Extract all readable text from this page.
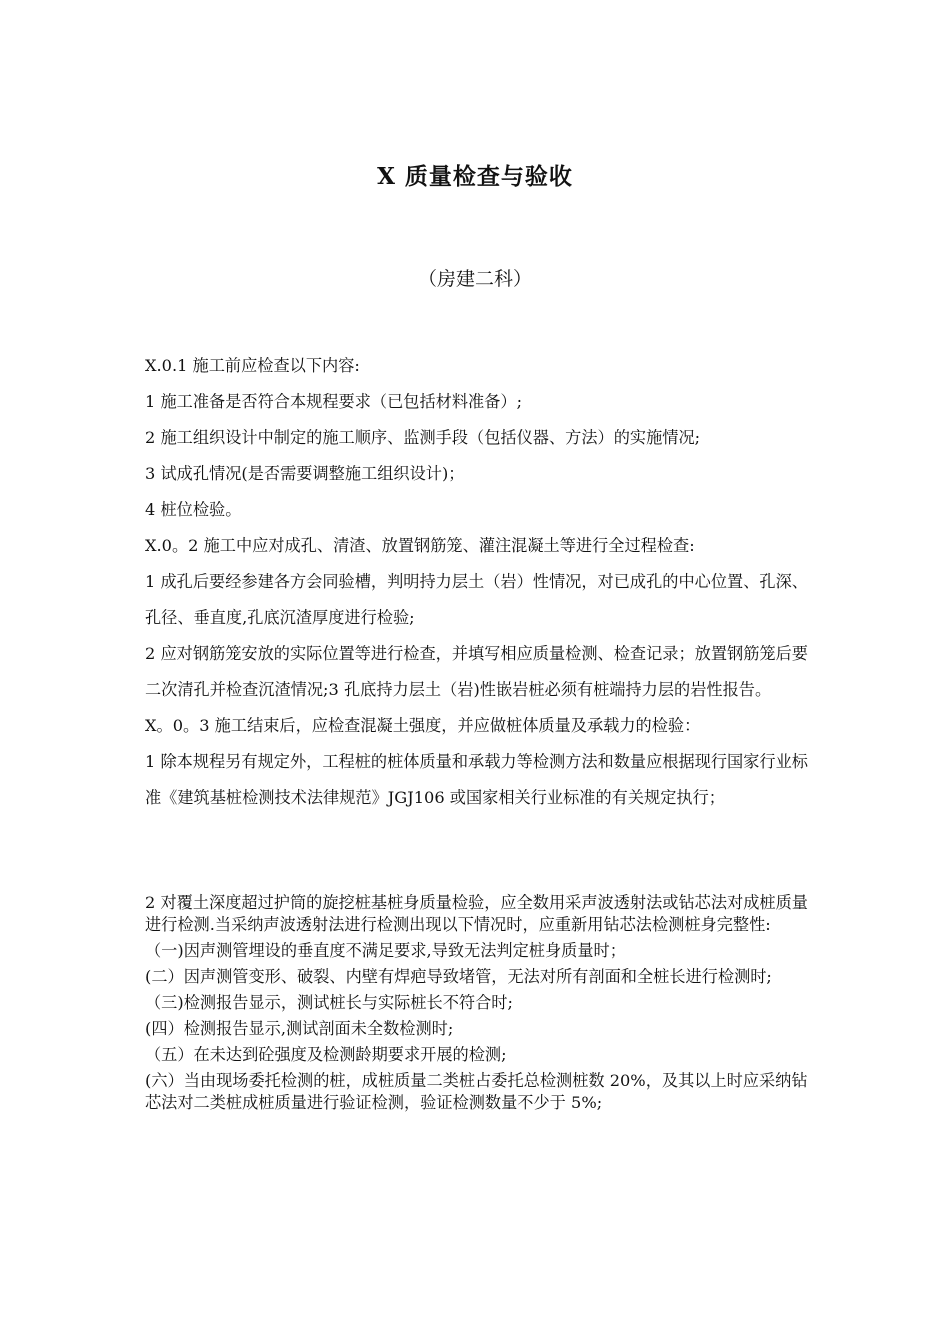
X 质量检查与验收
（房建二科）

X.0.1 施工前应检查以下内容:

1 施工准备是否符合本规程要求（已包括材料准备）;

2 施工组织设计中制定的施工顺序、监测手段（包括仪器、方法）的实施情况;

3 试成孔情况(是否需要调整施工组织设计)；

4 桩位检验。

X.0。2 施工中应对成孔、清渣、放置钢筋笼、灌注混凝土等进行全过程检查:

1 成孔后要经参建各方会同验槽，判明持力层土（岩）性情况，对已成孔的中心位置、孔深、孔径、垂直度,孔底沉渣厚度进行检验;

2 应对钢筋笼安放的实际位置等进行检查，并填写相应质量检测、检查记录；放置钢筋笼后要二次清孔并检查沉渣情况;3 孔底持力层土（岩)性嵌岩桩必须有桩端持力层的岩性报告。

X。0。3 施工结束后，应检查混凝土强度，并应做桩体质量及承载力的检验：

1 除本规程另有规定外，工程桩的桩体质量和承载力等检测方法和数量应根据现行国家行业标准《建筑基桩检测技术法律规范》JGJ106 或国家相关行业标准的有关规定执行；

2 对覆土深度超过护筒的旋挖桩基桩身质量检验，应全数用采声波透射法或钻芯法对成桩质量进行检测.当采纳声波透射法进行检测出现以下情况时，应重新用钻芯法检测桩身完整性:

（一)因声测管埋设的垂直度不满足要求,导致无法判定桩身质量时；

(二）因声测管变形、破裂、内壁有焊疤导致堵管，无法对所有剖面和全桩长进行检测时;

（三)检测报告显示，测试桩长与实际桩长不符合时;

(四）检测报告显示,测试剖面未全数检测时;

（五）在未达到砼强度及检测龄期要求开展的检测;

(六）当由现场委托检测的桩，成桩质量二类桩占委托总检测桩数 20%，及其以上时应采纳钻芯法对二类桩成桩质量进行验证检测，验证检测数量不少于 5%;
